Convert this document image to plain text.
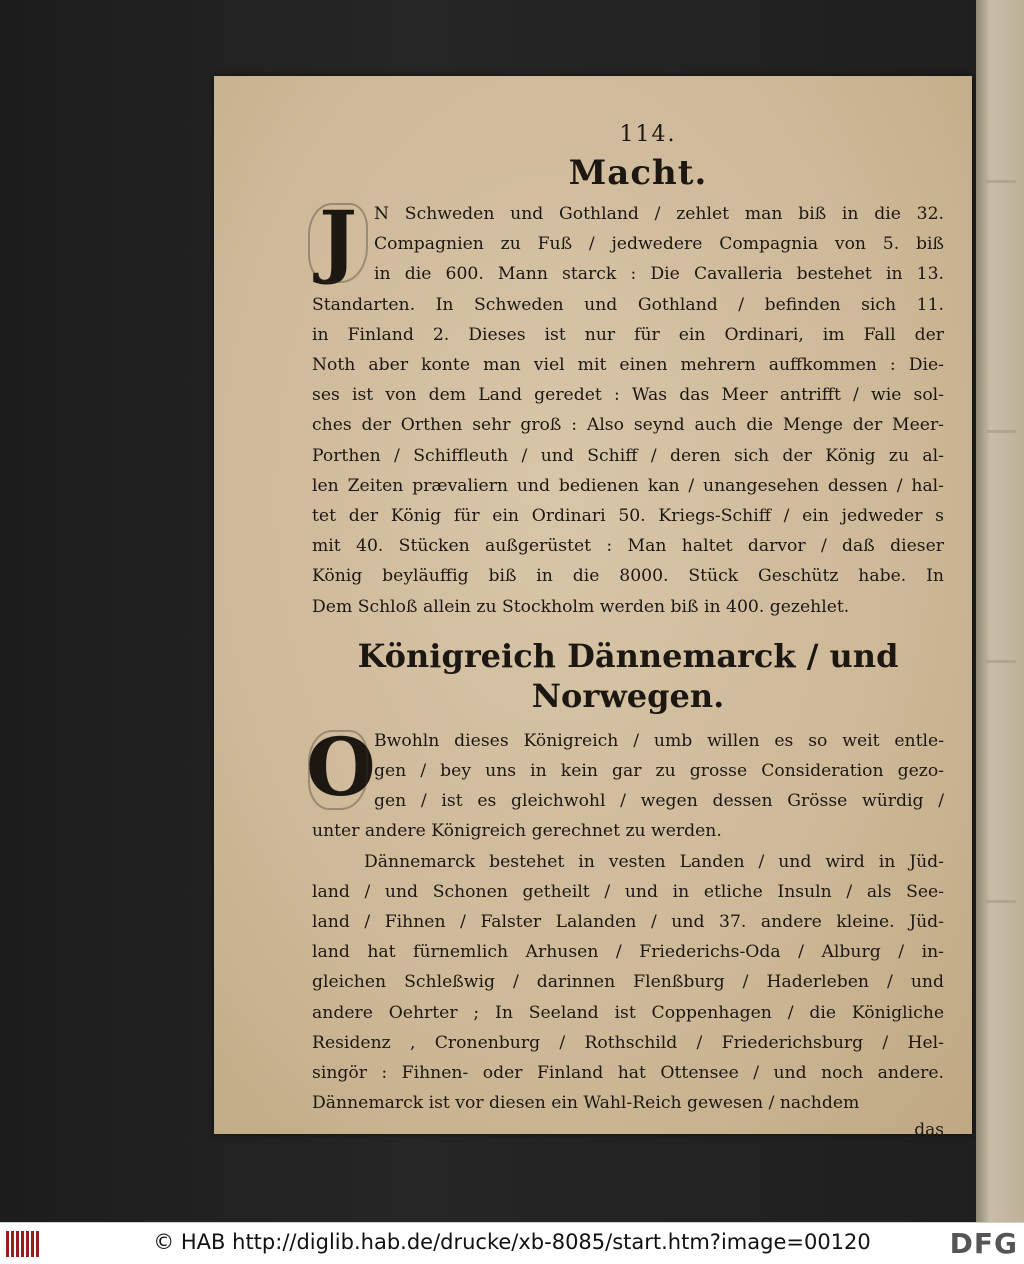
114.
Macht.
J N Schweden und Gothland / zehlet man biß in die 32.
Compagnien zu Fuß / jedwedere Compagnia von 5. biß
in die 600. Mann starck : Die Cavalleria bestehet in 13.
Standarten. In Schweden und Gothland / befinden sich 11.
in Finland 2. Dieses ist nur für ein Ordinari, im Fall der
Noth aber konte man viel mit einen mehrern auffkommen : Die-
ses ist von dem Land geredet : Was das Meer antrifft / wie sol-
ches der Orthen sehr groß : Also seynd auch die Menge der Meer-
Porthen / Schiffleuth / und Schiff / deren sich der König zu al-
len Zeiten prævaliern und bedienen kan / unangesehen dessen / hal-
tet der König für ein Ordinari 50. Kriegs-Schiff / ein jedweder s
mit 40. Stücken außgerüstet : Man haltet darvor / daß dieser
König beyläuffig biß in die 8000. Stück Geschütz habe. In
Dem Schloß allein zu Stockholm werden biß in 400. gezehlet.
Königreich Dännemarck / und
Norwegen.
O
Bwohln dieses Königreich / umb willen es so weit entle-
gen / bey uns in kein gar zu grosse Consideration gezo-
gen / ist es gleichwohl / wegen dessen Grösse würdig /
unter andere Königreich gerechnet zu werden.
Dännemarck bestehet in vesten Landen / und wird in Jüd-
land / und Schonen getheilt / und in etliche Insuln / als See-
land / Fihnen / Falster Lalanden / und 37. andere kleine. Jüd-
land hat fürnemlich Arhusen / Friederichs-Oda / Alburg / in-
gleichen Schleßwig / darinnen Flenßburg / Haderleben / und
andere Oehrter ; In Seeland ist Coppenhagen / die Königliche
Residenz , Cronenburg / Rothschild / Friederichsburg / Hel-
singör : Fihnen- oder Finland hat Ottensee / und noch andere.
Dännemarck ist vor diesen ein Wahl-Reich gewesen / nachdem
das
© HAB http://diglib.hab.de/drucke/xb-8085/start.htm?image=00120	DFG
